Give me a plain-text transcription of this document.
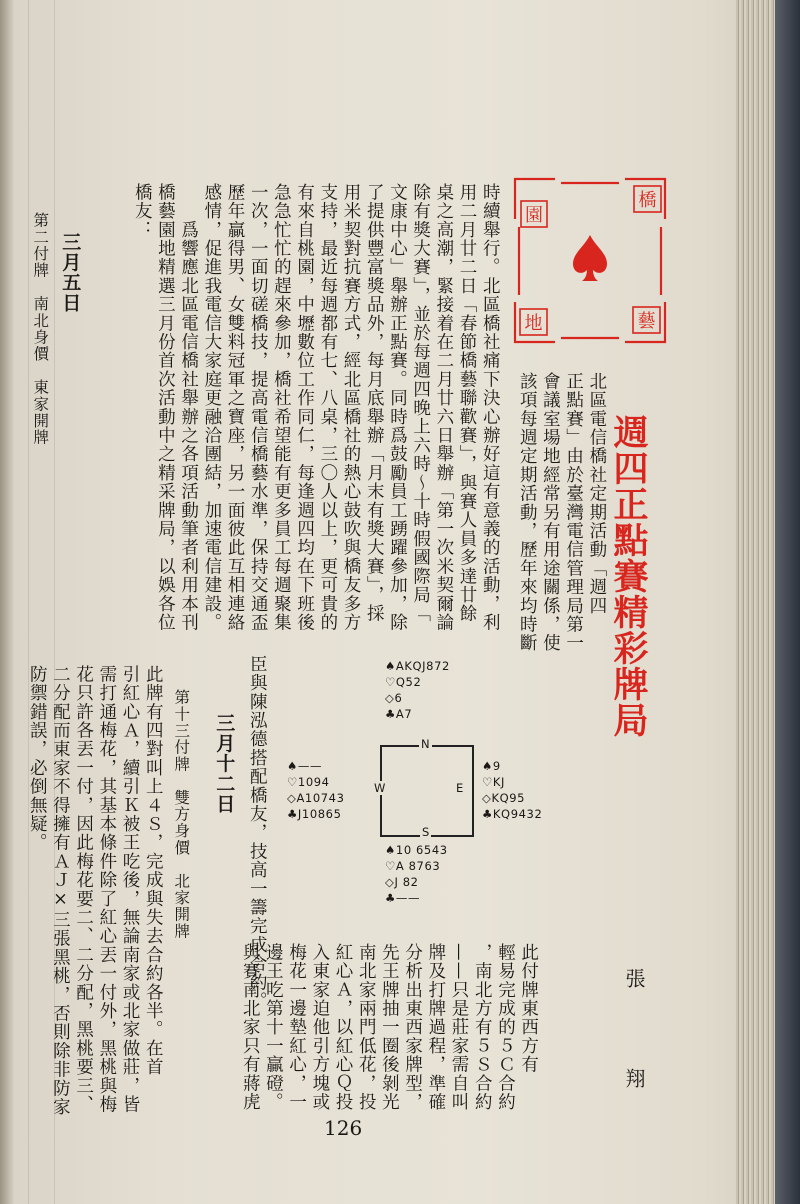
橋
園
藝
地
週四正點賽精彩牌局
張　翔
北區電信橋社定期活動「週四
正點賽」由於臺灣電信管理局第一
會議室場地經常另有用途關係，使
該項每週定期活動，歷年來均時斷
時續舉行。北區橋社痛下決心辦好這有意義的活動，利
用二月廿二日「春節橋藝聯歡賽」，與賽人員多達廿餘
桌之高潮，緊接着在二月廿六日舉辦「第一次米契爾論
除有獎大賽」，並於每週四晚上六時～十時假國際局「
文康中心」舉辦正點賽。同時爲鼓勵員工踴躍參加，除
了提供豐富獎品外，每月底舉辦「月末有獎大賽」，採
用米契對抗賽方式，經北區橋社的熱心鼓吹與橋友多方
支持，最近每週都有七、八桌，三〇人以上，更可貴的
有來自桃園，中壢數位工作同仁，每逢週四均在下班後
急急忙忙的趕來參加，橋社希望能有更多員工每週聚集
一次，一面切磋橋技，提高電信橋藝水準，保持交通盃
歷年贏得男、女雙料冠軍之寶座，另一面彼此互相連絡
感情，促進我電信大家庭更融洽團結，加速電信建設。
　　爲響應北區電信橋社舉辦之各項活動筆者利用本刊
橋藝園地精選三月份首次活動中之精采牌局，以娛各位
橋友：
三月五日
第二付牌　南北身價　東家開牌
此付牌東西方有
輕易完成的５Ｃ合約
，南北方有５Ｓ合約
——只是莊家需自叫
牌及打牌過程，準確
分析出東西家牌型，
先王牌抽一圈後剝光
南北家兩門低花，投
紅心Ａ，以紅心Ｑ投
入東家迫他引方塊或
梅花一邊墊紅心，一
邊王吃第十一贏磴。
與賽南北家只有蔣虎
臣與陳泓德搭配橋友，技高一籌完成合約。
三月十二日
第十三付牌　雙方身價　北家開牌
此牌有四對叫上４Ｓ，完成與失去合約各半。在首
引紅心Ａ，續引Ｋ被王吃後，無論南家或北家做莊，皆
需打通梅花，其基本條件除了紅心丟一付外，黑桃與梅
花只許各丟一付，因此梅花要二、二分配，黑桃要三、
二分配而東家不得擁有ＡＪ×三張黑桃，否則除非防家
防禦錯誤，必倒無疑。	♠AKQJ872
♡Q52
◇6
♣A7
♠——
♡1094
◇A10743
♣J10865
♠9
♡KJ
◇KQ95
♣KQ9432
♠10 6543
♡A 8763
◇J 82
♣——
N
S
E
W
126
